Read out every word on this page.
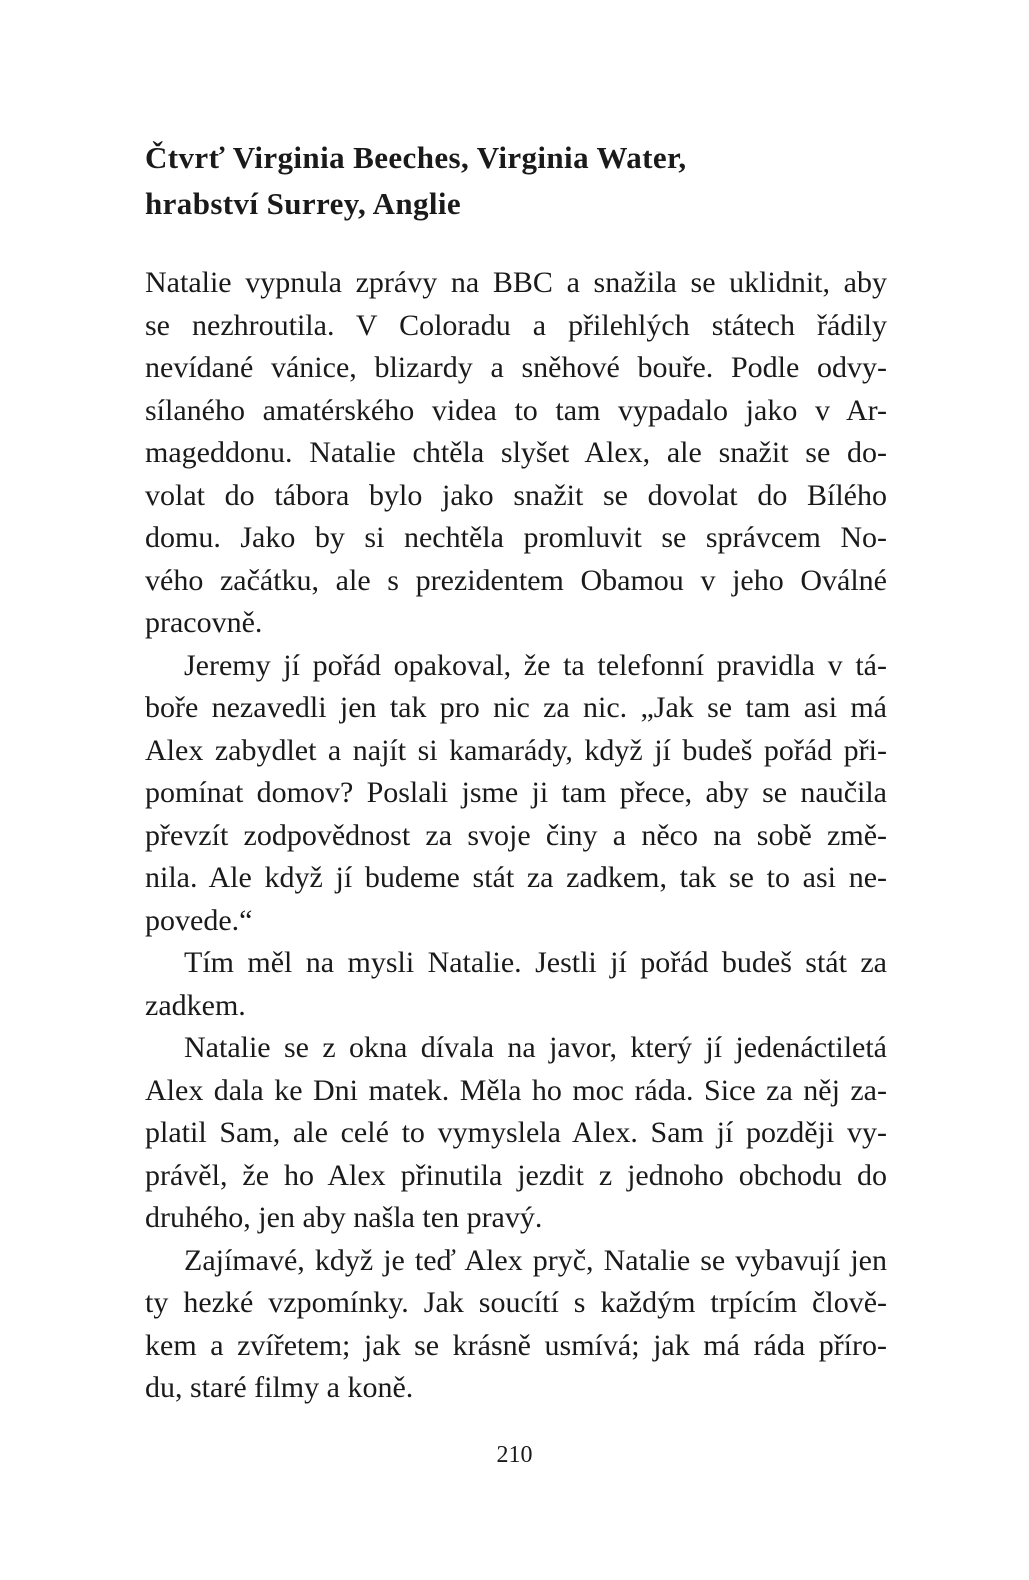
Čtvrť Virginia Beeches, Virginia Water,
hrabství Surrey, Anglie
Natalie vypnula zprávy na BBC a snažila se uklidnit, aby
se nezhroutila. V Coloradu a přilehlých státech řádily
nevídané vánice, blizardy a sněhové bouře. Podle odvy-
sílaného amatérského videa to tam vypadalo jako v Ar-
mageddonu. Natalie chtěla slyšet Alex, ale snažit se do-
volat do tábora bylo jako snažit se dovolat do Bílého
domu. Jako by si nechtěla promluvit se správcem No-
vého začátku, ale s prezidentem Obamou v jeho Oválné
pracovně.
Jeremy jí pořád opakoval, že ta telefonní pravidla v tá-
boře nezavedli jen tak pro nic za nic. „Jak se tam asi má
Alex zabydlet a najít si kamarády, když jí budeš pořád při-
pomínat domov? Poslali jsme ji tam přece, aby se naučila
převzít zodpovědnost za svoje činy a něco na sobě změ-
nila. Ale když jí budeme stát za zadkem, tak se to asi ne-
povede.“
Tím měl na mysli Natalie. Jestli jí pořád budeš stát za
zadkem.
Natalie se z okna dívala na javor, který jí jedenáctiletá
Alex dala ke Dni matek. Měla ho moc ráda. Sice za něj za-
platil Sam, ale celé to vymyslela Alex. Sam jí později vy-
právěl, že ho Alex přinutila jezdit z jednoho obchodu do
druhého, jen aby našla ten pravý.
Zajímavé, když je teď Alex pryč, Natalie se vybavují jen
ty hezké vzpomínky. Jak soucítí s každým trpícím člově-
kem a zvířetem; jak se krásně usmívá; jak má ráda příro-
du, staré filmy a koně.
210
